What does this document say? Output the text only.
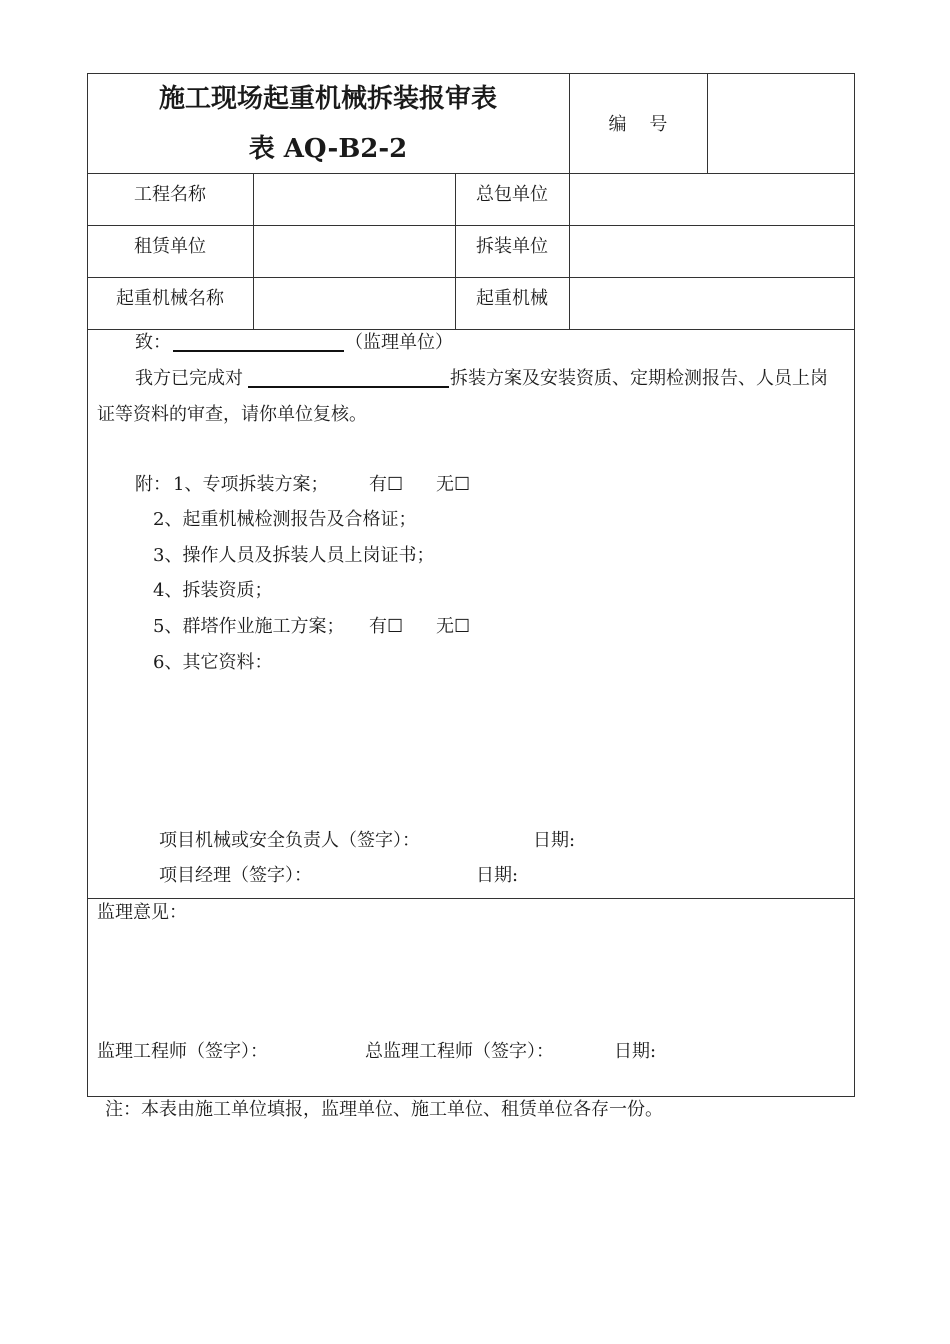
施工现场起重机械拆装报审表
表 AQ-B2-2
编    号
工程名称	总包单位
租赁单位	拆装单位
起重机械名称	起重机械
致：	（监理单位）
我方已完成对	拆装方案及安装资质、定期检测报告、人员上岗
证等资料的审查，请你单位复核。
附： 1、专项拆装方案； 有☐ 无☐
2、起重机械检测报告及合格证；
3、操作人员及拆装人员上岗证书；
4、拆装资质；
5、群塔作业施工方案； 有☐ 无☐
6、其它资料：
项目机械或安全负责人（签字）：	日期:
项目经理（签字）：	日期:
监理意见：
监理工程师（签字）：	总监理工程师（签字）：	日期:
注：本表由施工单位填报，监理单位、施工单位、租赁单位各存一份。
